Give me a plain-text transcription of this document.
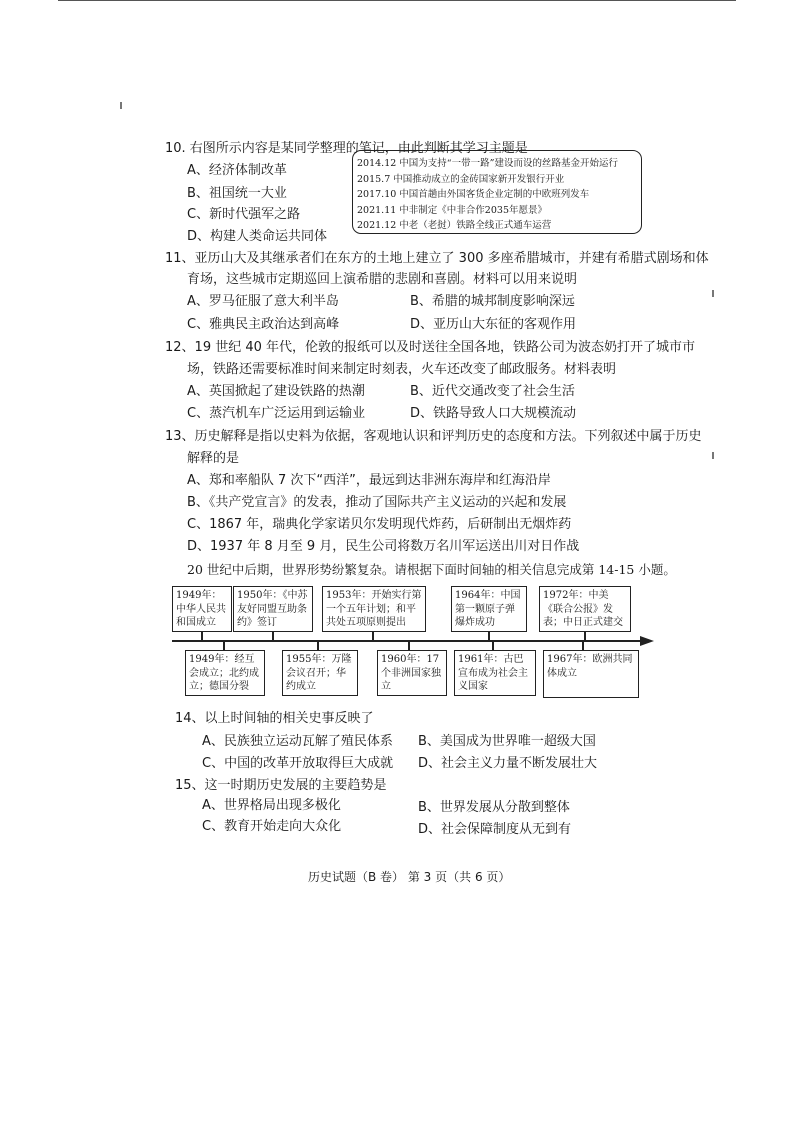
10. 右图所示内容是某同学整理的笔记，由此判断其学习主题是
A、经济体制改革
B、祖国统一大业
C、新时代强军之路
D、构建人类命运共同体
2014.12 中国为支持“一带一路”建设而设的丝路基金开始运行
2015.7 中国推动成立的金砖国家新开发银行开业
2017.10 中国首趟由外国客货企业定制的中欧班列发车
2021.11 中非制定《中非合作2035年愿景》
2021.12 中老（老挝）铁路全线正式通车运营
11、亚历山大及其继承者们在东方的土地上建立了 300 多座希腊城市，并建有希腊式剧场和体
育场，这些城市定期巡回上演希腊的悲剧和喜剧。材料可以用来说明
A、罗马征服了意大利半岛	B、希腊的城邦制度影响深远
C、雅典民主政治达到高峰	D、亚历山大东征的客观作用
12、19 世纪 40 年代，伦敦的报纸可以及时送往全国各地，铁路公司为波态奶打开了城市市
场，铁路还需要标准时间来制定时刻表，火车还改变了邮政服务。材料表明
A、英国掀起了建设铁路的热潮	B、近代交通改变了社会生活
C、蒸汽机车广泛运用到运输业	D、铁路导致人口大规模流动
13、历史解释是指以史料为依据，客观地认识和评判历史的态度和方法。下列叙述中属于历史
解释的是
A、郑和率船队 7 次下“西洋”，最远到达非洲东海岸和红海沿岸
B、《共产党宣言》的发表，推动了国际共产主义运动的兴起和发展
C、1867 年，瑞典化学家诺贝尔发明现代炸药，后研制出无烟炸药
D、1937 年 8 月至 9 月，民生公司将数万名川军运送出川对日作战
20 世纪中后期，世界形势纷繁复杂。请根据下面时间轴的相关信息完成第 14-15 小题。
1949年：中华人民共和国成立
1950年：《中苏友好同盟互助条约》签订
1953年：开始实行第一个五年计划；和平共处五项原则提出
1964年：中国第一颗原子弹爆炸成功
1972年：中美《联合公报》发表；中日正式建交
1949年：经互会成立；北约成立；德国分裂
1955年：万隆会议召开；华约成立
1960年：17个非洲国家独立
1961年：古巴宣布成为社会主义国家
1967年：欧洲共同体成立
14、以上时间轴的相关史事反映了
A、民族独立运动瓦解了殖民体系 B、美国成为世界唯一超级大国
C、中国的改革开放取得巨大成就 D、社会主义力量不断发展壮大
15、这一时期历史发展的主要趋势是
A、世界格局出现多极化	B、世界发展从分散到整体
C、教育开始走向大众化	D、社会保障制度从无到有
历史试题（B 卷） 第 3 页（共 6 页）
